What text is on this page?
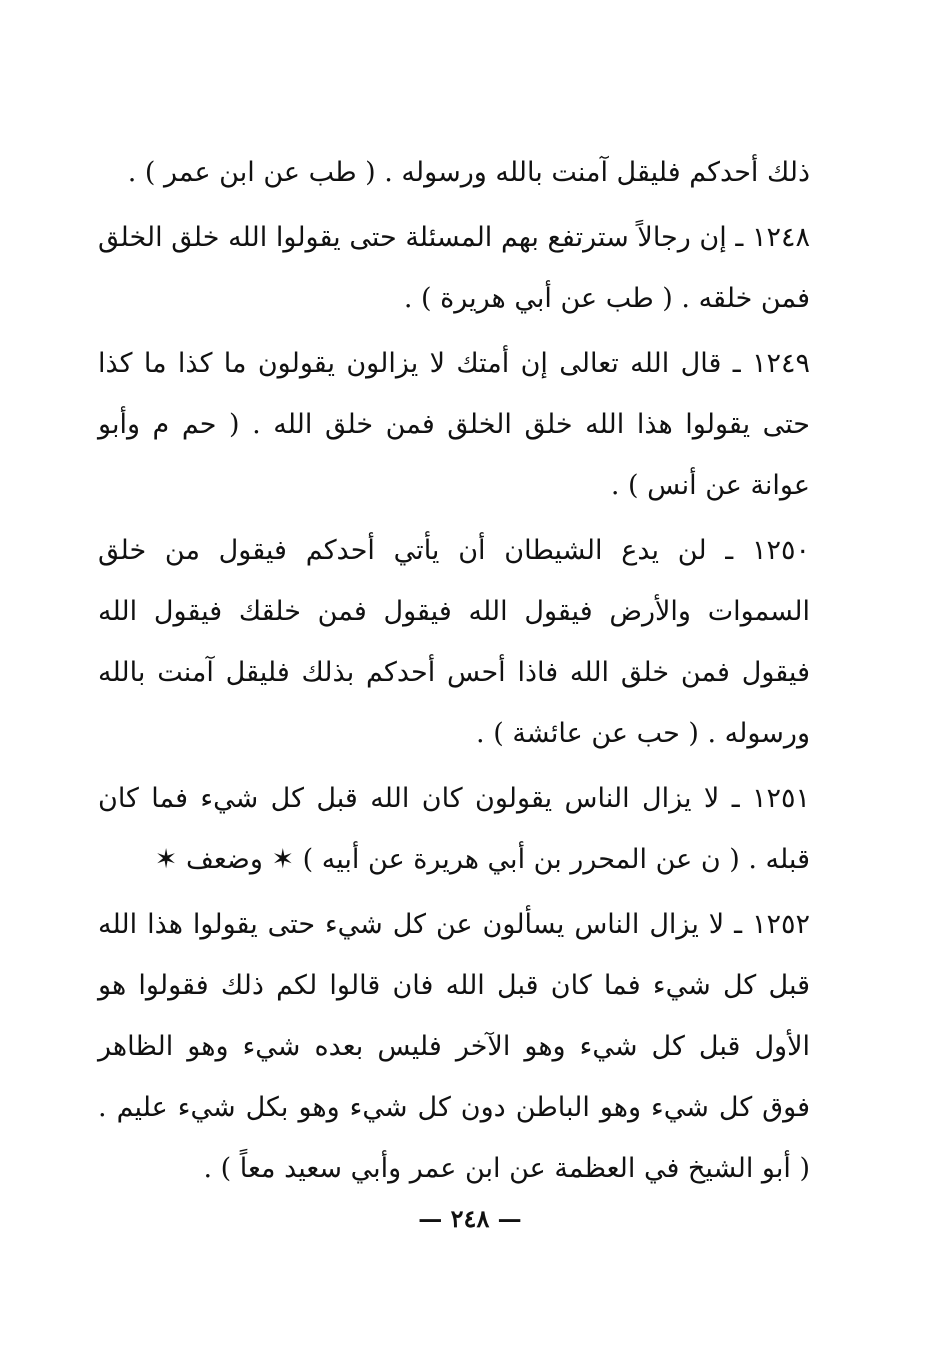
ذلك أحدكم فليقل آمنت بالله ورسوله . ( طب عن ابن عمر ) .

١٢٤٨ ـ إن رجالاً سترتفع بهم المسئلة حتى يقولوا الله خلق الخلق فمن خلقه . ( طب عن أبي هريرة ) .

١٢٤٩ ـ قال الله تعالى إن أمتك لا يزالون يقولون ما كذا ما كذا حتى يقولوا هذا الله خلق الخلق فمن خلق الله . ( حم م وأبو عوانة عن أنس ) .

١٢٥٠ ـ لن يدع الشيطان أن يأتي أحدكم فيقول من خلق السموات والأرض فيقول الله فيقول فمن خلقك فيقول الله فيقول فمن خلق الله فاذا أحس أحدكم بذلك فليقل آمنت بالله ورسوله . ( حب عن عائشة ) .

١٢٥١ ـ لا يزال الناس يقولون كان الله قبل كل شيء فما كان قبله . ( ن عن المحرر بن أبي هريرة عن أبيه ) ✶ وضعف ✶

١٢٥٢ ـ لا يزال الناس يسألون عن كل شيء حتى يقولوا هذا الله قبل كل شيء فما كان قبل الله فان قالوا لكم ذلك فقولوا هو الأول قبل كل شيء وهو الآخر فليس بعده شيء وهو الظاهر فوق كل شيء وهو الباطن دون كل شيء وهو بكل شيء عليم . ( أبو الشيخ في العظمة عن ابن عمر وأبي سعيد معاً ) .

— ٢٤٨ —
